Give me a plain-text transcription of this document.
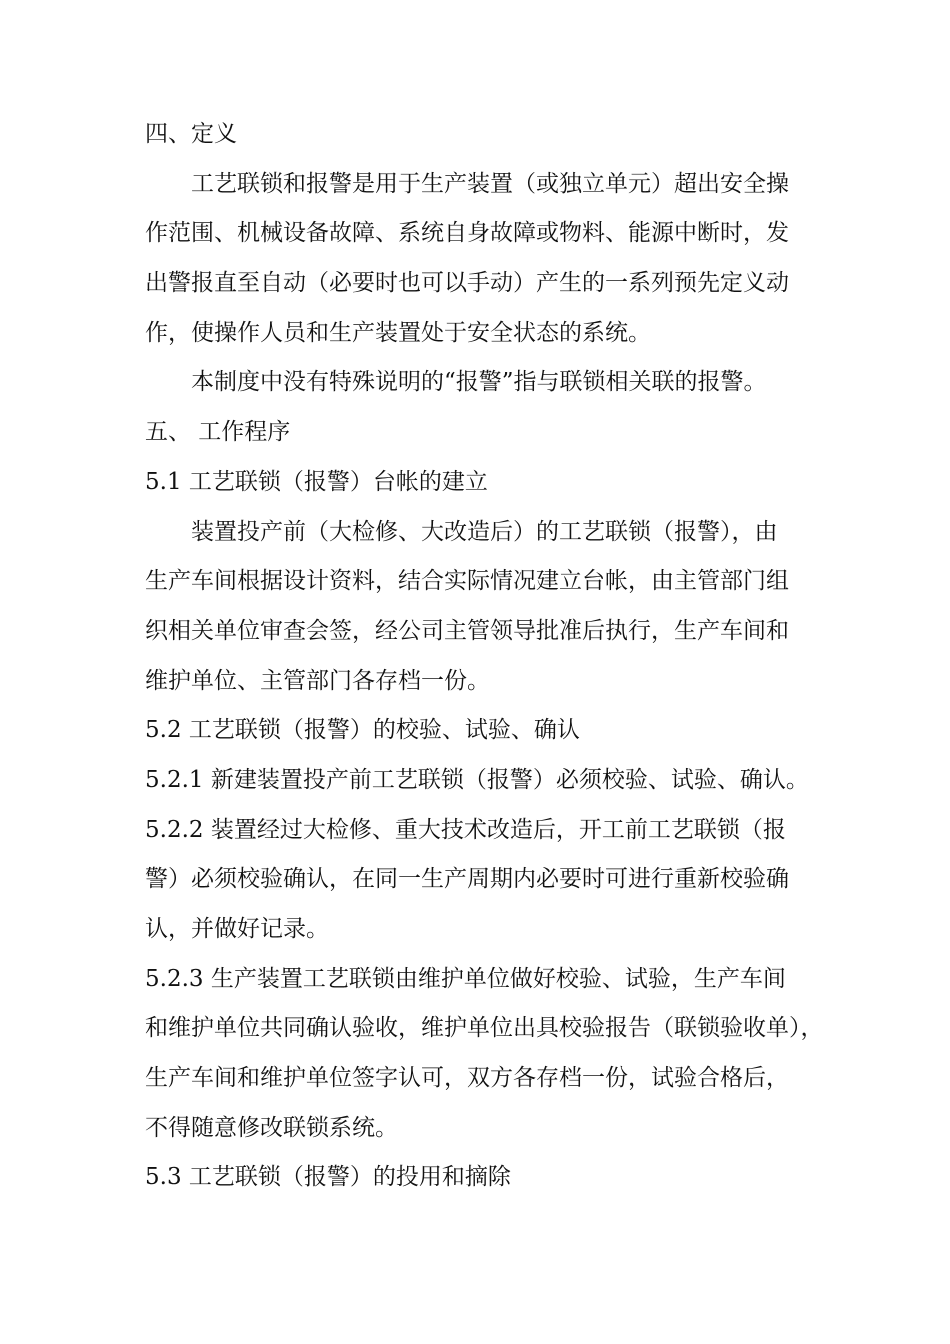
四、定义
工艺联锁和报警是用于生产装置（或独立单元）超出安全操
作范围、机械设备故障、系统自身故障或物料、能源中断时，发
出警报直至自动（必要时也可以手动）产生的一系列预先定义动
作，使操作人员和生产装置处于安全状态的系统。
本制度中没有特殊说明的“报警”指与联锁相关联的报警。
五、 工作程序
5.1 工艺联锁（报警）台帐的建立
装置投产前（大检修、大改造后）的工艺联锁（报警），由
生产车间根据设计资料，结合实际情况建立台帐，由主管部门组
织相关单位审查会签，经公司主管领导批准后执行，生产车间和
维护单位、主管部门各存档一份。
5.2 工艺联锁（报警）的校验、试验、确认
5.2.1 新建装置投产前工艺联锁（报警）必须校验、试验、确认。
5.2.2 装置经过大检修、重大技术改造后，开工前工艺联锁（报
警）必须校验确认，在同一生产周期内必要时可进行重新校验确
认，并做好记录。
5.2.3 生产装置工艺联锁由维护单位做好校验、试验，生产车间
和维护单位共同确认验收，维护单位出具校验报告（联锁验收单），
生产车间和维护单位签字认可，双方各存档一份，试验合格后，
不得随意修改联锁系统。
5.3 工艺联锁（报警）的投用和摘除
